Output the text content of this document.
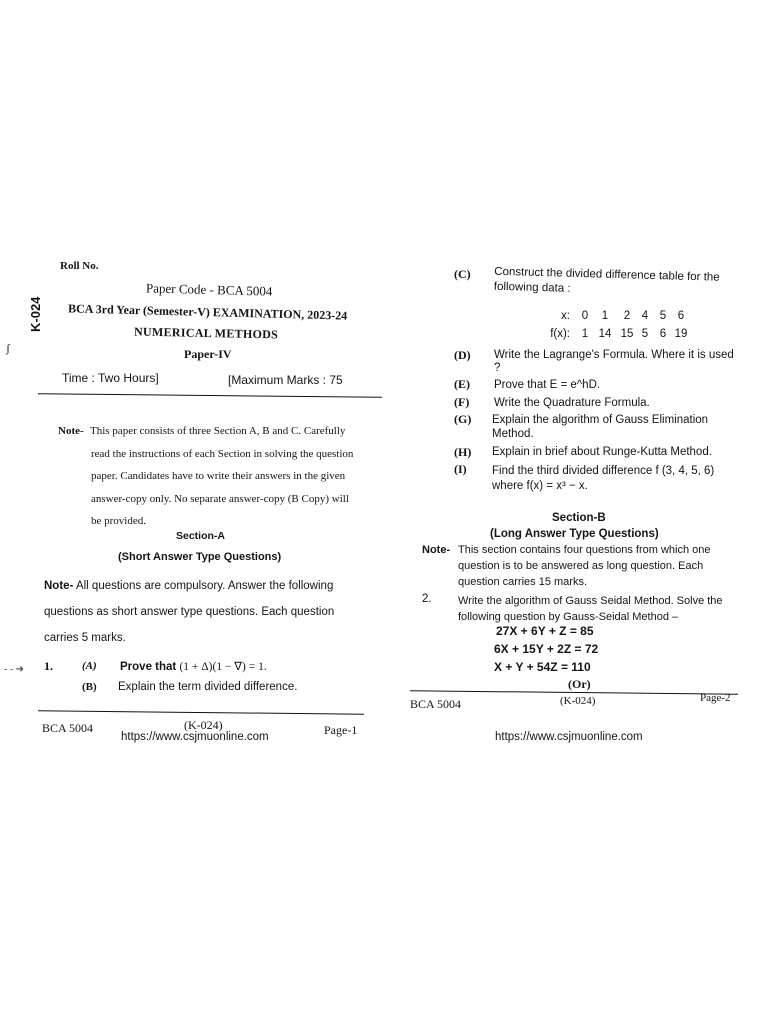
Roll No.
Paper Code - BCA 5004
BCA 3rd Year (Semester-V) EXAMINATION, 2023-24
NUMERICAL METHODS
Paper-IV
K-024
ʃ
Time : Two Hours]	[Maximum Marks : 75
Note- This paper consists of three Section A, B and C. Carefully read the instructions of each Section in solving the question paper. Candidates have to write their answers in the given answer-copy only. No separate answer-copy (B Copy) will be provided.
Section-A
(Short Answer Type Questions)
Note- All questions are compulsory. Answer the following questions as short answer type questions. Each question carries 5 marks.
- - ➜ 1.	(A) Prove that (1 + Δ)(1 − ∇) = 1.
(B) Explain the term divided difference.
BCA 5004	(K-024)	Page-1
https://www.csjmuonline.com
(C) Construct the divided difference table for the following data :
x:	0	1	2	4	5	6
f(x):	1 14 15 5	6 19
(D) Write the Lagrange's Formula. Where it is used ?
(E) Prove that E = e^hD.
(F) Write the Quadrature Formula.
(G) Explain the algorithm of Gauss Elimination Method.
(H) Explain in brief about Runge-Kutta Method.
(I) Find the third divided difference f (3, 4, 5, 6) where f(x) = x³ − x.
Section-B
(Long Answer Type Questions)
Note- This section contains four questions from which one question is to be answered as long question. Each question carries 15 marks.
2. Write the algorithm of Gauss Seidal Method. Solve the following question by Gauss-Seidal Method –
27X + 6Y + Z = 85
6X + 15Y + 2Z = 72
X + Y + 54Z = 110
(Or)
BCA 5004	(K-024)	Page-2
https://www.csjmuonline.com
